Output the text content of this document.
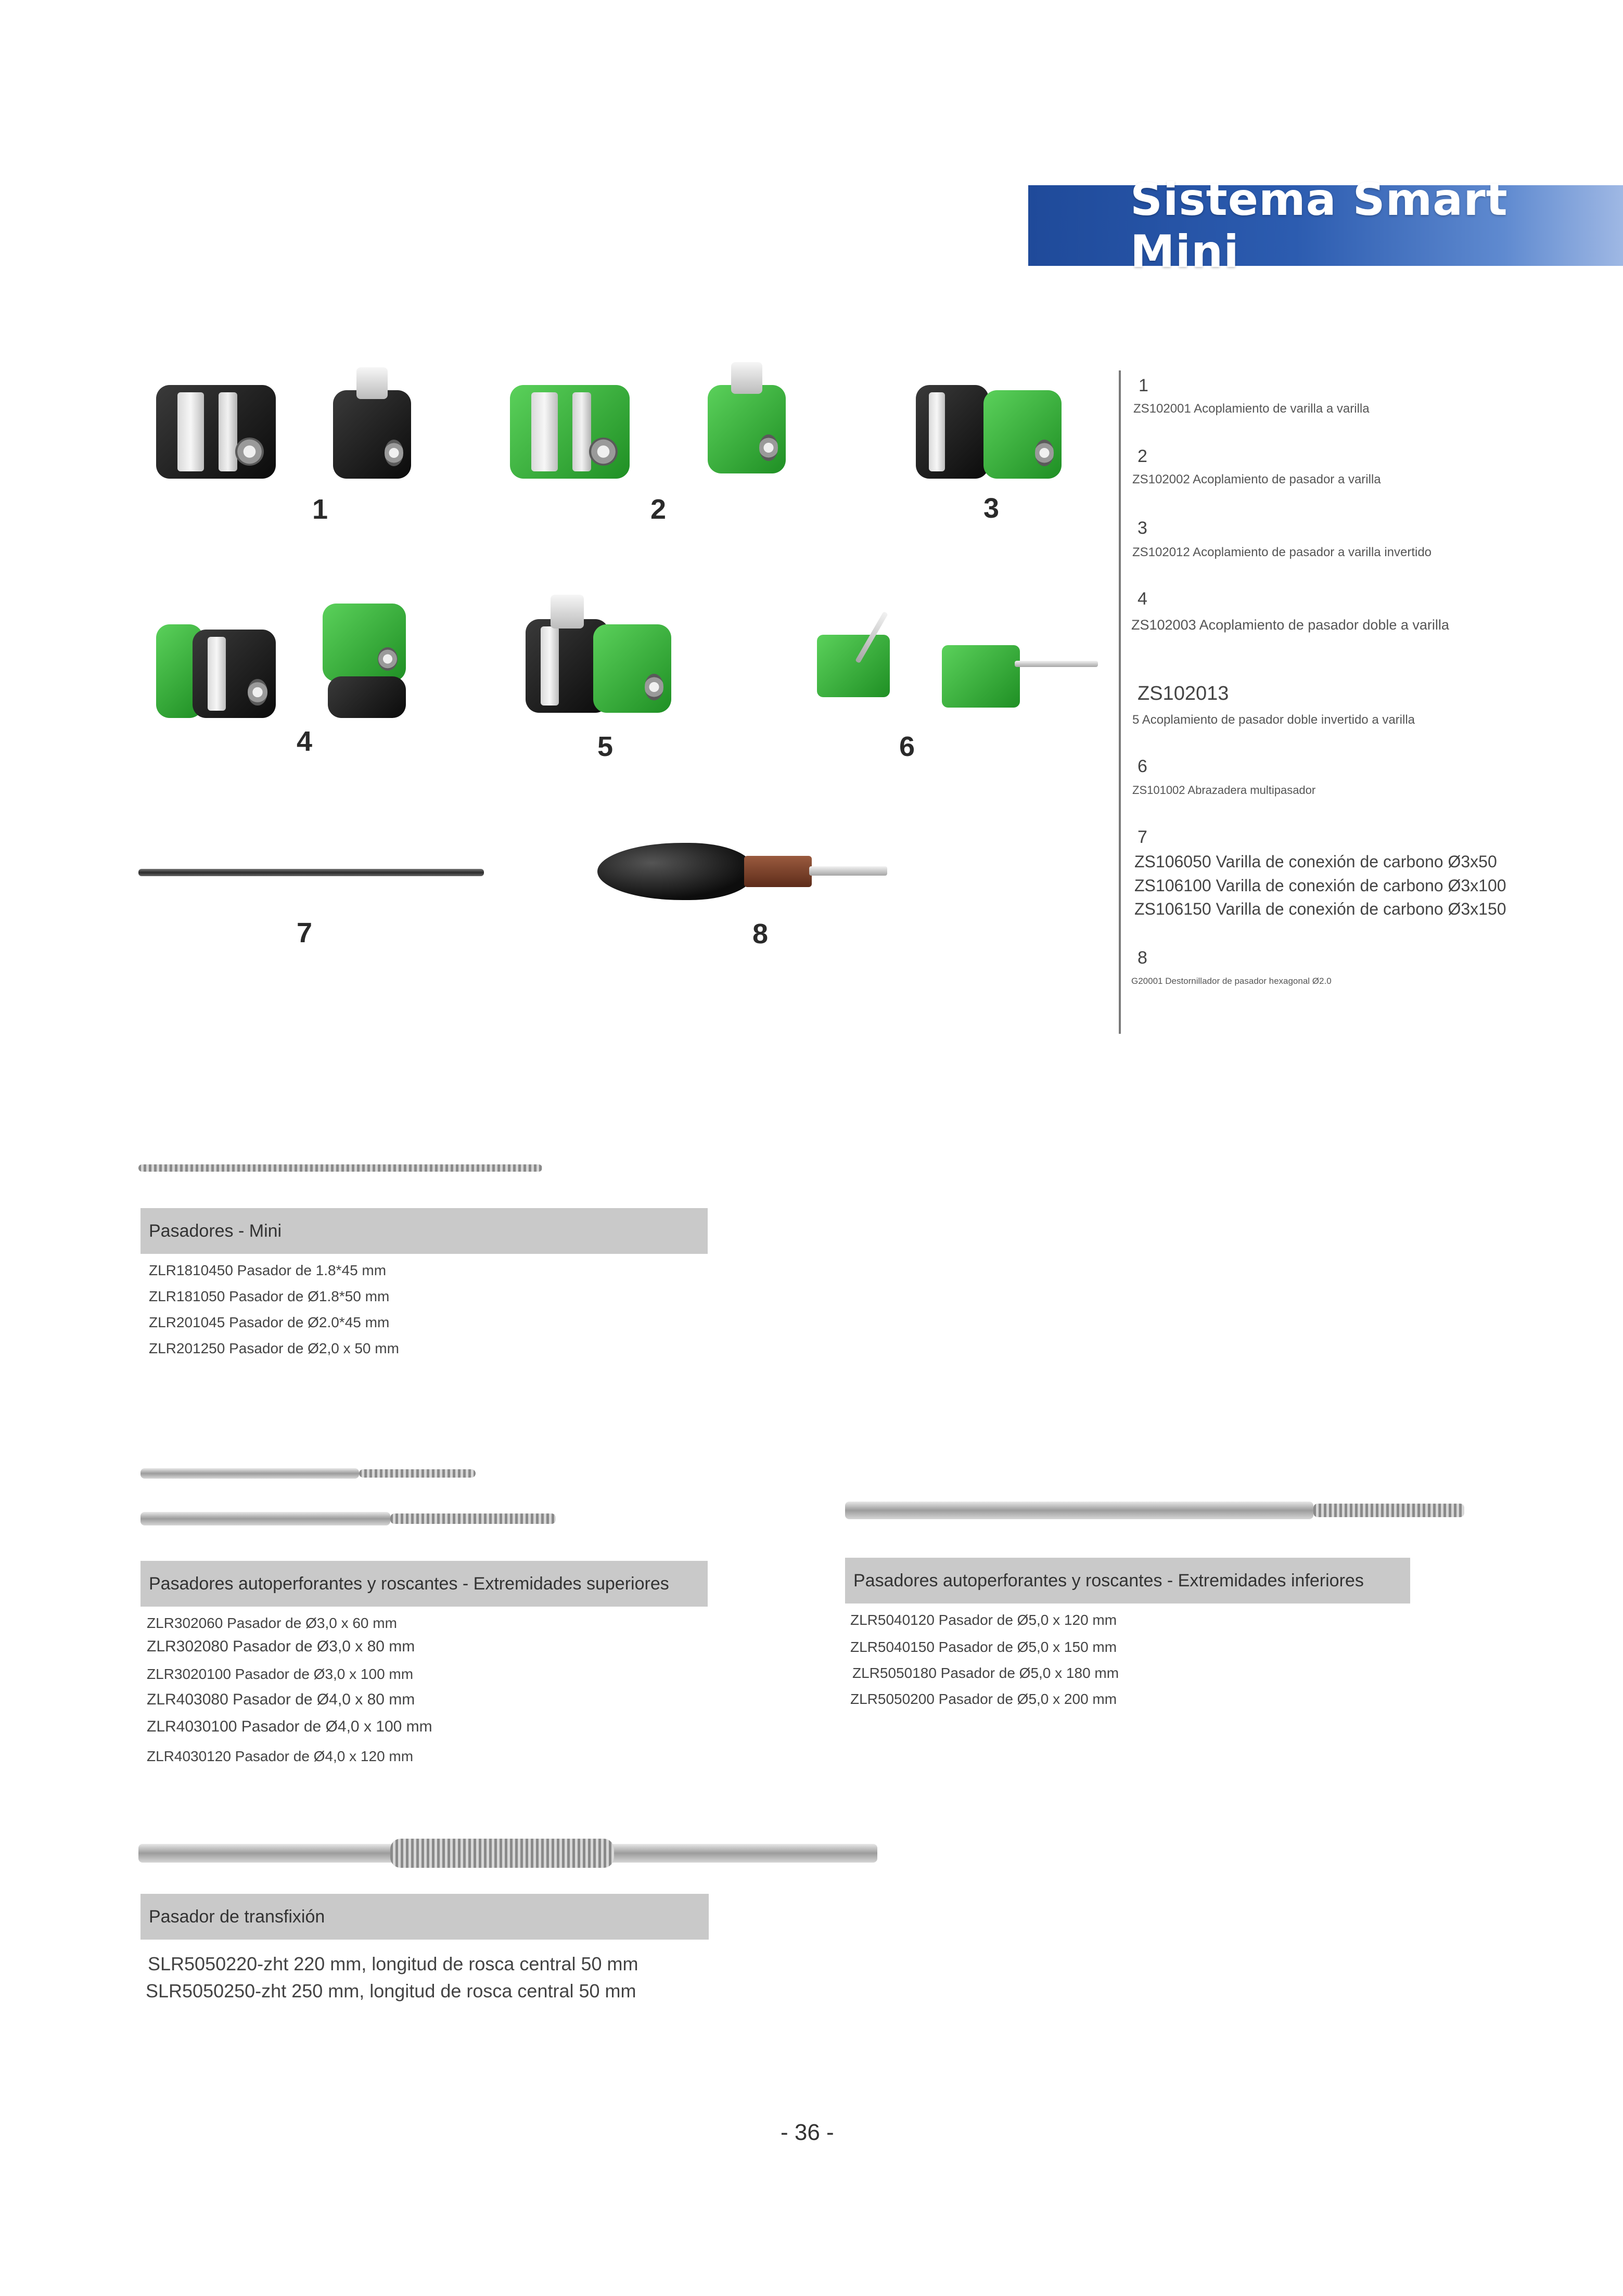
Sistema Smart Mini
1	2	3
4	5	6
7	8
1
ZS102001 Acoplamiento de varilla a varilla
2
ZS102002 Acoplamiento de pasador a varilla
3
ZS102012 Acoplamiento de pasador a varilla invertido
4
ZS102003 Acoplamiento de pasador doble a varilla
ZS102013
5 Acoplamiento de pasador doble invertido a varilla
6
ZS101002 Abrazadera multipasador
7
ZS106050 Varilla de conexión de carbono Ø3x50
ZS106100 Varilla de conexión de carbono Ø3x100
ZS106150 Varilla de conexión de carbono Ø3x150
8
G20001 Destornillador de pasador hexagonal Ø2.0
Pasadores - Mini
ZLR1810450 Pasador de 1.8*45 mm
ZLR181050 Pasador de Ø1.8*50 mm
ZLR201045 Pasador de Ø2.0*45 mm
ZLR201250 Pasador de Ø2,0 x 50 mm
Pasadores autoperforantes y roscantes - Extremidades superiores
ZLR302060 Pasador de Ø3,0 x 60 mm
ZLR302080 Pasador de Ø3,0 x 80 mm
ZLR3020100 Pasador de Ø3,0 x 100 mm
ZLR403080 Pasador de Ø4,0 x 80 mm
ZLR4030100 Pasador de Ø4,0 x 100 mm
ZLR4030120 Pasador de Ø4,0 x 120 mm
Pasadores autoperforantes y roscantes - Extremidades inferiores
ZLR5040120 Pasador de Ø5,0 x 120 mm
ZLR5040150 Pasador de Ø5,0 x 150 mm
ZLR5050180 Pasador de Ø5,0 x 180 mm
ZLR5050200 Pasador de Ø5,0 x 200 mm
Pasador de transfixión
SLR5050220-zht 220 mm, longitud de rosca central 50 mm
SLR5050250-zht 250 mm, longitud de rosca central 50 mm
- 36 -
